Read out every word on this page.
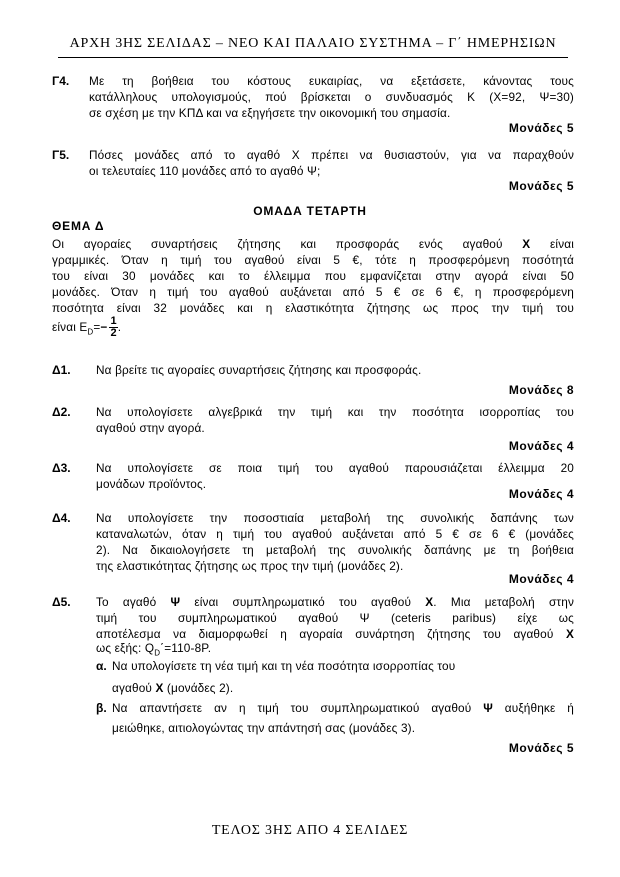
ΑΡΧΗ 3ΗΣ ΣΕΛΙΔΑΣ – ΝΕΟ ΚΑΙ ΠΑΛΑΙΟ ΣΥΣΤΗΜΑ – Γ΄ ΗΜΕΡΗΣΙΩΝ
Γ4. Με τη βοήθεια του κόστους ευκαιρίας, να εξετάσετε, κάνοντας τους
κατάλληλους υπολογισμούς, πού βρίσκεται ο συνδυασμός Κ (Χ=92, Ψ=30)
σε σχέση με την ΚΠΔ και να εξηγήσετε την οικονομική του σημασία.
Μονάδες 5
Γ5. Πόσες μονάδες από το αγαθό Χ πρέπει να θυσιαστούν, για να παραχθούν
οι τελευταίες 110 μονάδες από το αγαθό Ψ;
Μονάδες 5
ΟΜΑΔΑ ΤΕΤΑΡΤΗ
ΘΕΜΑ Δ
Οι αγοραίες συναρτήσεις ζήτησης και προσφοράς ενός αγαθού Χ είναι
γραμμικές. Όταν η τιμή του αγαθού είναι 5 €, τότε η προσφερόμενη ποσότητά
του είναι 30 μονάδες και το έλλειμμα που εμφανίζεται στην αγορά είναι 50
μονάδες. Όταν η τιμή του αγαθού αυξάνεται από 5 € σε 6 €, η προσφερόμενη
ποσότητα είναι 32 μονάδες και η ελαστικότητα ζήτησης ως προς την τιμή του
είναι $E_D=- \frac{1}{2}$ .
Δ1. Να βρείτε τις αγοραίες συναρτήσεις ζήτησης και προσφοράς.
Μονάδες 8
Δ2. Να υπολογίσετε αλγεβρικά την τιμή και την ποσότητα ισορροπίας του
αγαθού στην αγορά.
Μονάδες 4
Δ3. Να υπολογίσετε σε ποια τιμή του αγαθού παρουσιάζεται έλλειμμα 20
μονάδων προϊόντος.
Μονάδες 4
Δ4. Να υπολογίσετε την ποσοστιαία μεταβολή της συνολικής δαπάνης των
καταναλωτών, όταν η τιμή του αγαθού αυξάνεται από 5 € σε 6 € (μονάδες
2). Να δικαιολογήσετε τη μεταβολή της συνολικής δαπάνης με τη βοήθεια
της ελαστικότητας ζήτησης ως προς την τιμή (μονάδες 2).
Μονάδες 4
Δ5. Το αγαθό Ψ είναι συμπληρωματικό του αγαθού Χ. Μια μεταβολή στην
τιμή του συμπληρωματικού αγαθού Ψ (ceteris paribus) είχε ως
αποτέλεσμα να διαμορφωθεί η αγοραία συνάρτηση ζήτησης του αγαθού Χ
ως εξής: $Q_D΄=110-8P$.
α. Να υπολογίσετε τη νέα τιμή και τη νέα ποσότητα ισορροπίας του
αγαθού Χ (μονάδες 2).
β. Να απαντήσετε αν η τιμή του συμπληρωματικού αγαθού Ψ αυξήθηκε ή
μειώθηκε, αιτιολογώντας την απάντησή σας (μονάδες 3).
Μονάδες 5
ΤΕΛΟΣ 3ΗΣ ΑΠΟ 4 ΣΕΛΙΔΕΣ
